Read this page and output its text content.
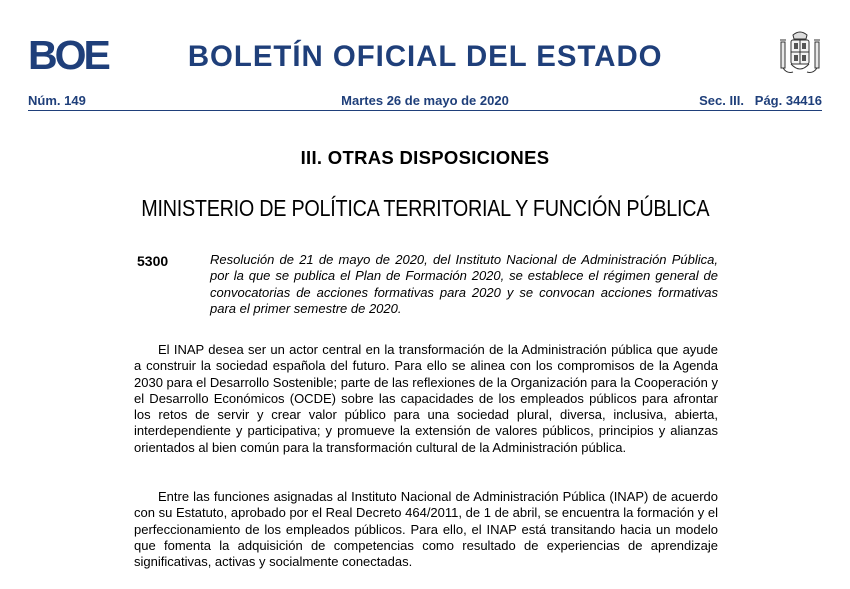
BOE	BOLETÍN OFICIAL DEL ESTADO
Núm. 149	Martes 26 de mayo de 2020	Sec. III.   Pág. 34416
III. OTRAS DISPOSICIONES
MINISTERIO DE POLÍTICA TERRITORIAL Y FUNCIÓN PÚBLICA
5300	Resolución de 21 de mayo de 2020, del Instituto Nacional de Administración Pública, por la que se publica el Plan de Formación 2020, se establece el régimen general de convocatorias de acciones formativas para 2020 y se convocan acciones formativas para el primer semestre de 2020.
El INAP desea ser un actor central en la transformación de la Administración pública que ayude a construir la sociedad española del futuro. Para ello se alinea con los compromisos de la Agenda 2030 para el Desarrollo Sostenible; parte de las reflexiones de la Organización para la Cooperación y el Desarrollo Económicos (OCDE) sobre las capacidades de los empleados públicos para afrontar los retos de servir y crear valor público para una sociedad plural, diversa, inclusiva, abierta, interdependiente y participativa; y promueve la extensión de valores públicos, principios y alianzas orientados al bien común para la transformación cultural de la Administración pública.
Entre las funciones asignadas al Instituto Nacional de Administración Pública (INAP) de acuerdo con su Estatuto, aprobado por el Real Decreto 464/2011, de 1 de abril, se encuentra la formación y el perfeccionamiento de los empleados públicos. Para ello, el INAP está transitando hacia un modelo que fomenta la adquisición de competencias como resultado de experiencias de aprendizaje significativas, activas y socialmente conectadas.
